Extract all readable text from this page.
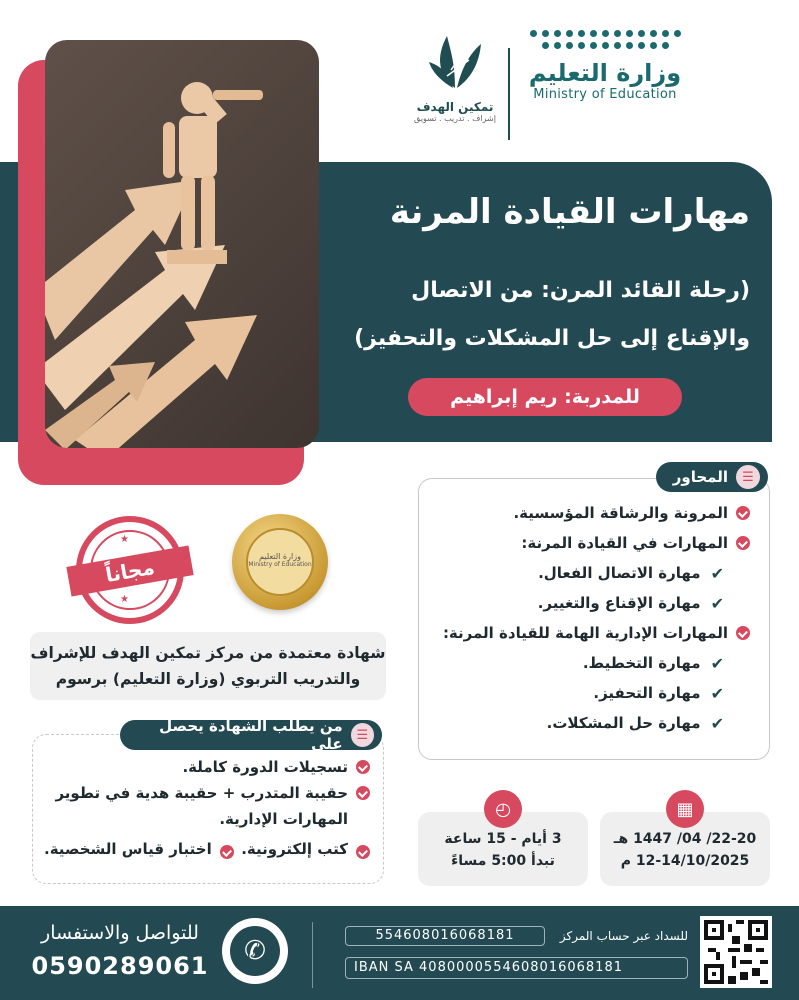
وزارة التعليم
Ministry of Education
تمكين الهدف
إشراف . تدريب . تسويق
مهارات القيادة المرنة
(رحلة القائد المرن: من الاتصال
والإقناع إلى حل المشكلات والتحفيز)
للمدربة: ريم إبراهيم
☰
المحاور
المرونة والرشاقة المؤسسية.
المهارات في القيادة المرنة:
✔
مهارة الاتصال الفعال.
✔
مهارة الإقناع والتغيير.
المهارات الإدارية الهامة للقيادة المرنة:
✔
مهارة التخطيط.
✔
مهارة التحفيز.
✔
مهارة حل المشكلات.
★
★
مجاناً	وزارة التعليم
Ministry of Education
شهادة معتمدة من مركز تمكين الهدف للإشراف
والتدريب التربوي (وزارة التعليم) برسوم
☰
من يطلب الشهادة يحصل على
تسجيلات الدورة كاملة.
حقيبة المتدرب + حقيبة هدية في تطوير
المهارات الإدارية.
كتب إلكترونية.
اختبار قياس الشخصية.
3 أيام - 15 ساعة
تبدأ 5:00 مساءً
◴
22-20/ 04/ 1447 هـ
12-14/10/2025 م
▦
للتواصل والاستفسار
0590289061	✆	للسداد عبر حساب المركز
554608016068181
IBAN SA 4080000554608016068181
